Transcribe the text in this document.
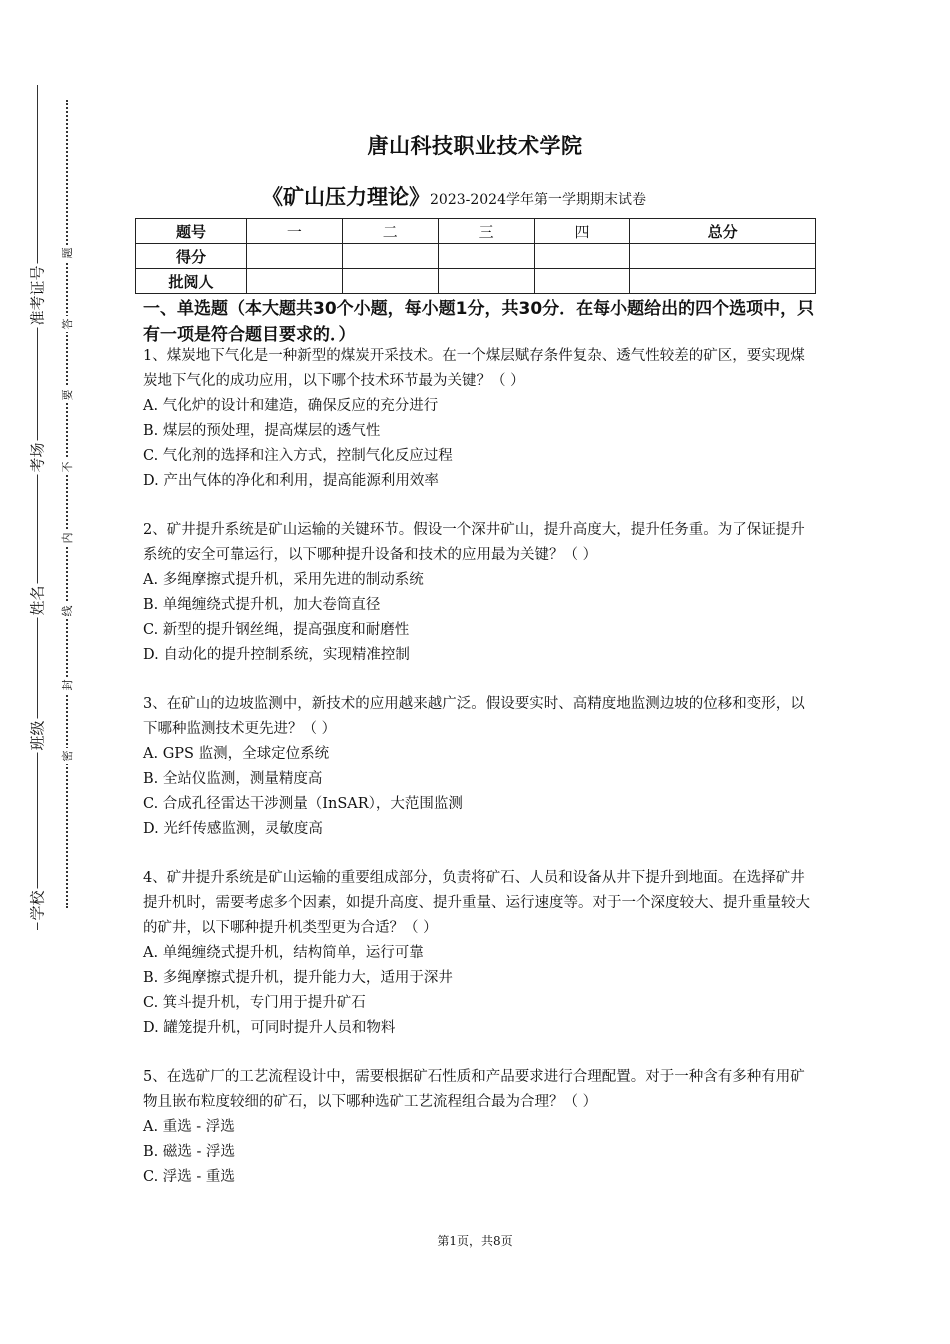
学校
班级
姓名
考场
准考证号
密
封
线
内
不
要
答
题
唐山科技职业技术学院
《矿山压力理论》2023-2024学年第一学期期末试卷
题号	一	二	三	四	总分
得分					
批阅人					
一、单选题（本大题共30个小题，每小题1分，共30分．在每小题给出的四个选项中，只有一项是符合题目要求的．）

1、煤炭地下气化是一种新型的煤炭开采技术。在一个煤层赋存条件复杂、透气性较差的矿区，要实现煤炭地下气化的成功应用，以下哪个技术环节最为关键？（ ）

A. 气化炉的设计和建造，确保反应的充分进行

B. 煤层的预处理，提高煤层的透气性

C. 气化剂的选择和注入方式，控制气化反应过程

D. 产出气体的净化和利用，提高能源利用效率

2、矿井提升系统是矿山运输的关键环节。假设一个深井矿山，提升高度大，提升任务重。为了保证提升系统的安全可靠运行，以下哪种提升设备和技术的应用最为关键？（ ）

A. 多绳摩擦式提升机，采用先进的制动系统

B. 单绳缠绕式提升机，加大卷筒直径

C. 新型的提升钢丝绳，提高强度和耐磨性

D. 自动化的提升控制系统，实现精准控制

3、在矿山的边坡监测中，新技术的应用越来越广泛。假设要实时、高精度地监测边坡的位移和变形，以下哪种监测技术更先进？（ ）

A. GPS 监测，全球定位系统

B. 全站仪监测，测量精度高

C. 合成孔径雷达干涉测量（InSAR），大范围监测

D. 光纤传感监测，灵敏度高

4、矿井提升系统是矿山运输的重要组成部分，负责将矿石、人员和设备从井下提升到地面。在选择矿井提升机时，需要考虑多个因素，如提升高度、提升重量、运行速度等。对于一个深度较大、提升重量较大的矿井，以下哪种提升机类型更为合适？（ ）

A. 单绳缠绕式提升机，结构简单，运行可靠

B. 多绳摩擦式提升机，提升能力大，适用于深井

C. 箕斗提升机，专门用于提升矿石

D. 罐笼提升机，可同时提升人员和物料

5、在选矿厂的工艺流程设计中，需要根据矿石性质和产品要求进行合理配置。对于一种含有多种有用矿物且嵌布粒度较细的矿石，以下哪种选矿工艺流程组合最为合理？（ ）

A. 重选 - 浮选

B. 磁选 - 浮选

C. 浮选 - 重选

第1页，共8页
